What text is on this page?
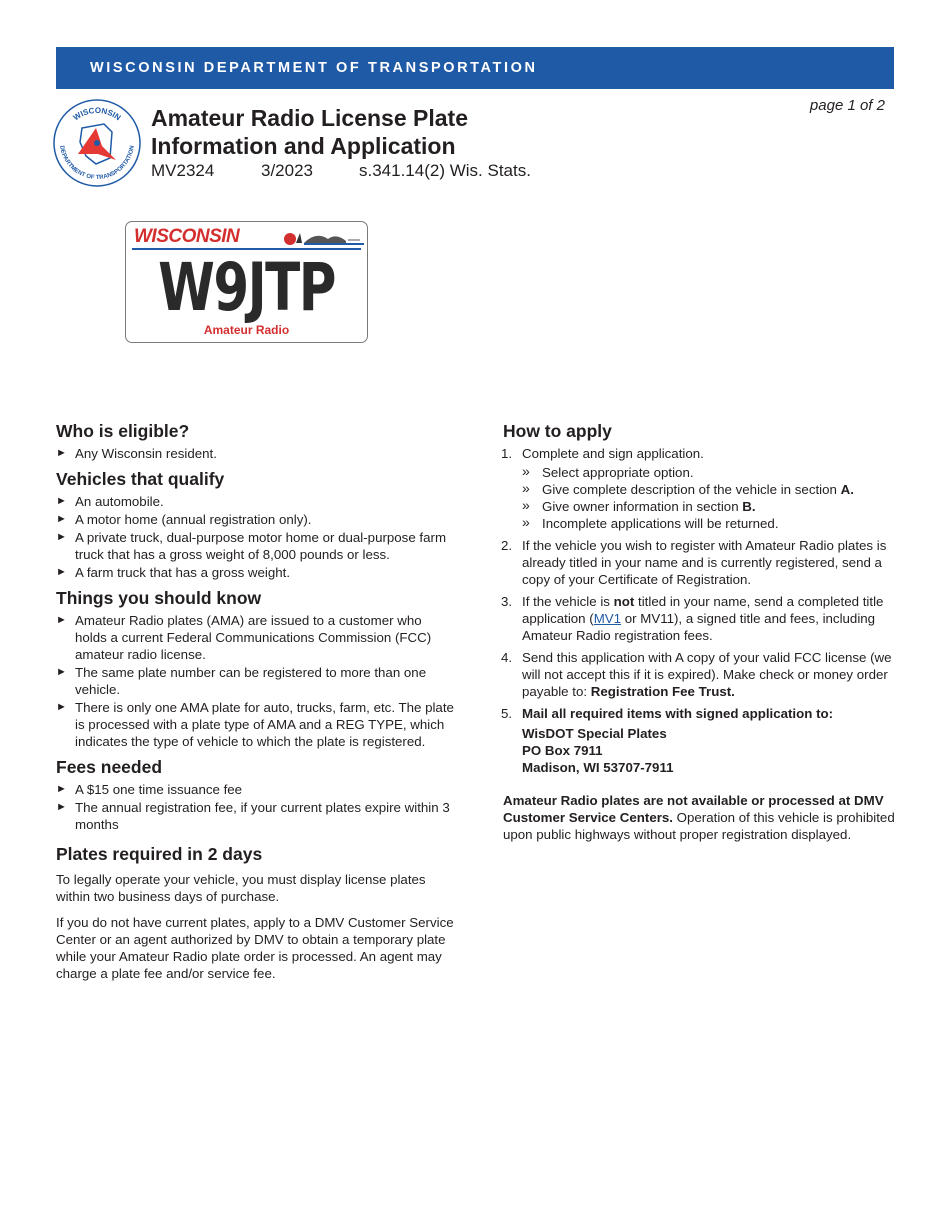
WISCONSIN DEPARTMENT OF TRANSPORTATION
WISCONSIN
DEPARTMENT OF TRANSPORTATION
Amateur Radio License Plate
Information and Application
MV2324	3/2023	s.341.14(2) Wis. Stats.
page 1 of 2
WISCONSIN
W9JTP
Amateur Radio
Who is eligible?
► Any Wisconsin resident.
Vehicles that qualify
► An automobile.
► A motor home (annual registration only).
► A private truck, dual-purpose motor home or dual-purpose farm truck that has a gross weight of 8,000 pounds or less.
► A farm truck that has a gross weight.
Things you should know
► Amateur Radio plates (AMA) are issued to a customer who holds a current Federal Communications Commission (FCC) amateur radio license.
► The same plate number can be registered to more than one vehicle.
► There is only one AMA plate for auto, trucks, farm, etc. The plate is processed with a plate type of AMA and a REG TYPE, which indicates the type of vehicle to which the plate is registered.
Fees needed
► A $15 one time issuance fee
► The annual registration fee, if your current plates expire within 3 months
Plates required in 2 days

To legally operate your vehicle, you must display license plates within two business days of purchase.

If you do not have current plates, apply to a DMV Customer Service Center or an agent authorized by DMV to obtain a temporary plate while your Amateur Radio plate order is processed. An agent may charge a plate fee and/or service fee.

How to apply
1. Complete and sign application.
» Select appropriate option.
» Give complete description of the vehicle in section A.
» Give owner information in section B.
» Incomplete applications will be returned.
2. If the vehicle you wish to register with Amateur Radio plates is already titled in your name and is currently registered, send a copy of your Certificate of Registration.
3. If the vehicle is not titled in your name, send a completed title application (MV1 or MV11), a signed title and fees, including Amateur Radio registration fees.
4. Send this application with A copy of your valid FCC license (we will not accept this if it is expired). Make check or money order payable to: Registration Fee Trust.
5. Mail all required items with signed application to:
WisDOT Special Plates
PO Box 7911
Madison, WI 53707-7911

Amateur Radio plates are not available or processed at DMV Customer Service Centers. Operation of this vehicle is prohibited upon public highways without proper registration displayed.
